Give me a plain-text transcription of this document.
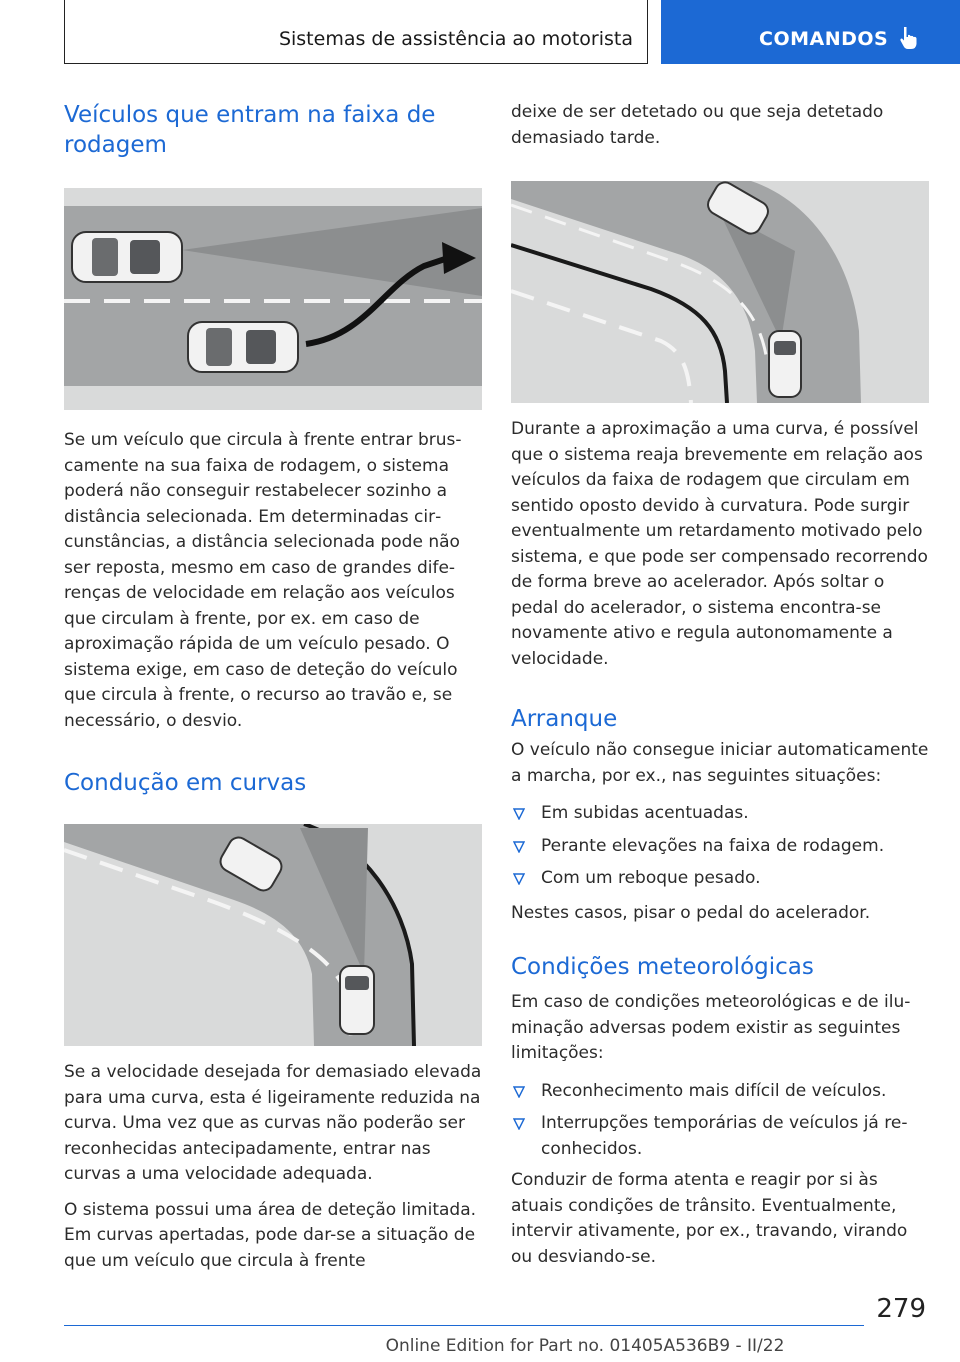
Sistemas de assistência ao motorista	COMANDOS
Veículos que entram na faixa de rodagem

Se um veículo que circula à frente entrar bruscamente na sua faixa de rodagem, o sistema poderá não conseguir restabelecer sozinho a distância selecionada. Em determinadas circunstâncias, a distância selecionada pode não ser reposta, mesmo em caso de grandes diferenças de velocidade em relação aos veículos que circulam à frente, por ex. em caso de aproximação rápida de um veículo pesado. O sistema exige, em caso de deteção do veículo que circula à frente, o recurso ao travão e, se necessário, o desvio.

Condução em curvas

Se a velocidade desejada for demasiado elevada para uma curva, esta é ligeiramente reduzida na curva. Uma vez que as curvas não poderão ser reconhecidas antecipadamente, entrar nas curvas a uma velocidade adequada.

O sistema possui uma área de deteção limitada. Em curvas apertadas, pode dar-se a situação de que um veículo que circula à frente

deixe de ser detetado ou que seja detetado demasiado tarde.

Durante a aproximação a uma curva, é possível que o sistema reaja brevemente em relação aos veículos da faixa de rodagem que circulam em sentido oposto devido à curvatura. Pode surgir eventualmente um retardamento motivado pelo sistema, e que pode ser compensado recorrendo de forma breve ao acelerador. Após soltar o pedal do acelerador, o sistema encontra-se novamente ativo e regula autonomamente a velocidade.

Arranque

O veículo não consegue iniciar automaticamente a marcha, por ex., nas seguintes situações:

Em subidas acentuadas.
Perante elevações na faixa de rodagem.
Com um reboque pesado.

Nestes casos, pisar o pedal do acelerador.

Condições meteorológicas

Em caso de condições meteorológicas e de iluminação adversas podem existir as seguintes limitações:

Reconhecimento mais difícil de veículos.
Interrupções temporárias de veículos já reconhecidos.

Conduzir de forma atenta e reagir por si às atuais condições de trânsito. Eventualmente, intervir ativamente, por ex., travando, virando ou desviando-se.

279
Online Edition for Part no. 01405A536B9 - II/22
